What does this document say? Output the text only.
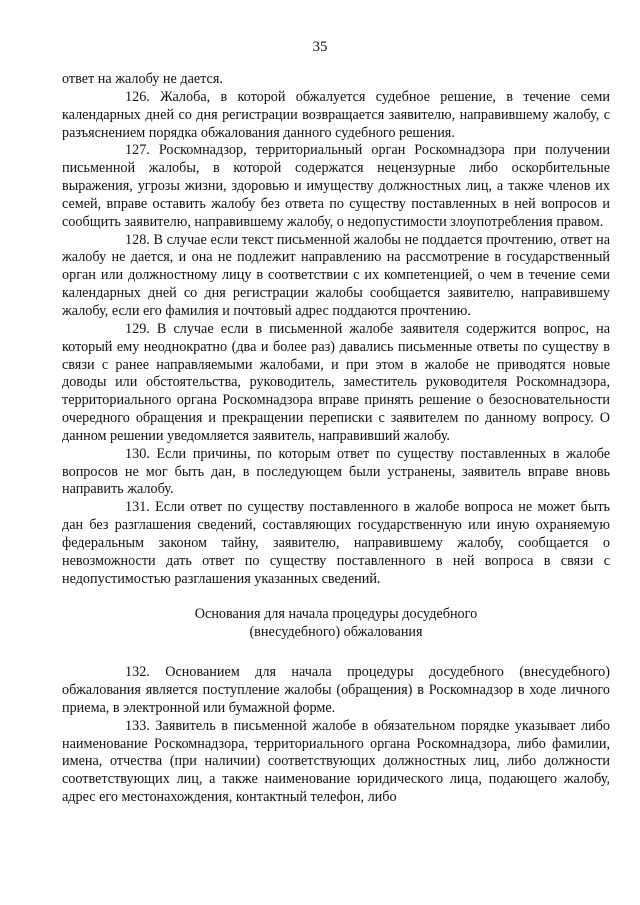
35

ответ на жалобу не дается.

126. Жалоба, в которой обжалуется судебное решение, в течение семи календарных дней со дня регистрации возвращается заявителю, направившему жалобу, с разъяснением порядка обжалования данного судебного решения.

127. Роскомнадзор, территориальный орган Роскомнадзора при получении письменной жалобы, в которой содержатся нецензурные либо оскорбительные выражения, угрозы жизни, здоровью и имуществу должностных лиц, а также членов их семей, вправе оставить жалобу без ответа по существу поставленных в ней вопросов и сообщить заявителю, направившему жалобу, о недопустимости злоупотребления правом.

128. В случае если текст письменной жалобы не поддается прочтению, ответ на жалобу не дается, и она не подлежит направлению на рассмотрение в государственный орган или должностному лицу в соответствии с их компетенцией, о чем в течение семи календарных дней со дня регистрации жалобы сообщается заявителю, направившему жалобу, если его фамилия и почтовый адрес поддаются прочтению.

129. В случае если в письменной жалобе заявителя содержится вопрос, на который ему неоднократно (два и более раз) давались письменные ответы по существу в связи с ранее направляемыми жалобами, и при этом в жалобе не приводятся новые доводы или обстоятельства, руководитель, заместитель руководителя Роскомнадзора, территориального органа Роскомнадзора вправе принять решение о безосновательности очередного обращения и прекращении переписки с заявителем по данному вопросу. О данном решении уведомляется заявитель, направивший жалобу.

130. Если причины, по которым ответ по существу поставленных в жалобе вопросов не мог быть дан, в последующем были устранены, заявитель вправе вновь направить жалобу.

131. Если ответ по существу поставленного в жалобе вопроса не может быть дан без разглашения сведений, составляющих государственную или иную охраняемую федеральным законом тайну, заявителю, направившему жалобу, сообщается о невозможности дать ответ по существу поставленного в ней вопроса в связи с недопустимостью разглашения указанных сведений.

Основания для начала процедуры досудебного
(внесудебного) обжалования

132. Основанием для начала процедуры досудебного (внесудебного) обжалования является поступление жалобы (обращения) в Роскомнадзор в ходе личного приема, в электронной или бумажной форме.

133. Заявитель в письменной жалобе в обязательном порядке указывает либо наименование Роскомнадзора, территориального органа Роскомнадзора, либо фамилии, имена, отчества (при наличии) соответствующих должностных лиц, либо должности соответствующих лиц, а также наименование юридического лица, подающего жалобу, адрес его местонахождения, контактный телефон, либо
